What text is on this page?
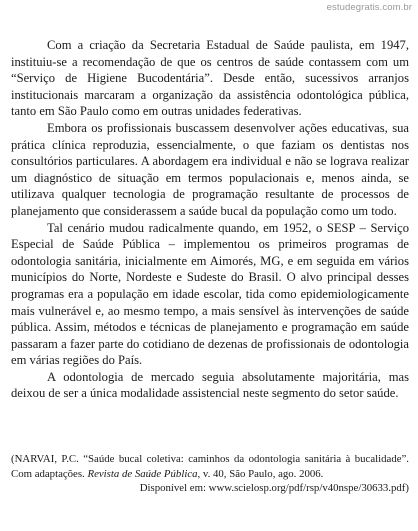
estudegratis.com.br

Com a criação da Secretaria Estadual de Saúde paulista, em 1947, instituiu-se a recomendação de que os centros de saúde contassem com um “Serviço de Higiene Bucodentária”. Desde então, sucessivos arranjos institucionais marcaram a organização da assistência odontológica pública, tanto em São Paulo como em outras unidades federativas.

Embora os profissionais buscassem desenvolver ações educativas, sua prática clínica reproduzia, essencialmente, o que faziam os dentistas nos consultórios particulares. A abordagem era individual e não se lograva realizar um diagnóstico de situação em termos populacionais e, menos ainda, se utilizava qualquer tecnologia de programação resultante de processos de planejamento que considerassem a saúde bucal da população como um todo.

Tal cenário mudou radicalmente quando, em 1952, o SESP – Serviço Especial de Saúde Pública – implementou os primeiros programas de odontologia sanitária, inicialmente em Aimorés, MG, e em seguida em vários municípios do Norte, Nordeste e Sudeste do Brasil. O alvo principal desses programas era a população em idade escolar, tida como epidemiologicamente mais vulnerável e, ao mesmo tempo, a mais sensível às intervenções de saúde pública. Assim, métodos e técnicas de planejamento e programação em saúde passaram a fazer parte do cotidiano de dezenas de profissionais de odontologia em várias regiões do País.

A odontologia de mercado seguia absolutamente majoritária, mas deixou de ser a única modalidade assistencial neste segmento do setor saúde.

(NARVAI, P.C. “Saúde bucal coletiva: caminhos da odontologia sanitária à bucalidade”. Com adaptações. Revista de Saúde Pública, v. 40, São Paulo, ago. 2006.
Disponível em: www.scielosp.org/pdf/rsp/v40nspe/30633.pdf)
